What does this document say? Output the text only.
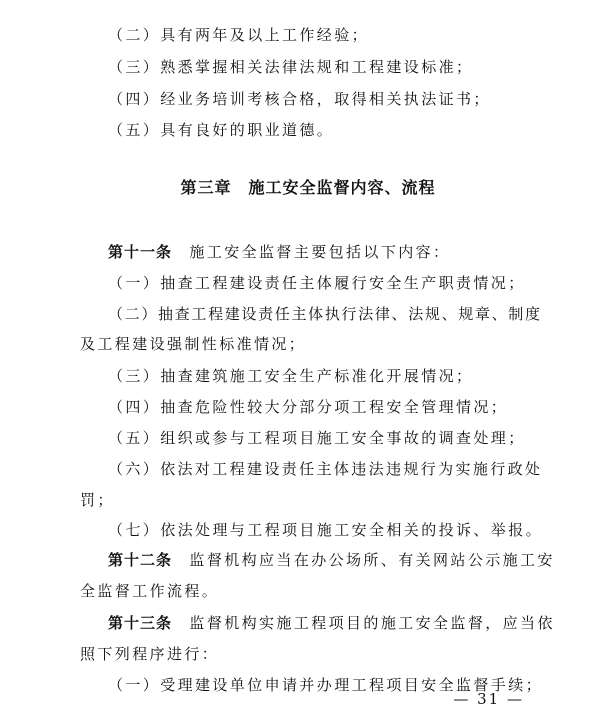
（二）具有两年及以上工作经验；
（三）熟悉掌握相关法律法规和工程建设标准；
（四）经业务培训考核合格，取得相关执法证书；
（五）具有良好的职业道德。
第三章　施工安全监督内容、流程
第十一条　施工安全监督主要包括以下内容：
（一）抽查工程建设责任主体履行安全生产职责情况；
（二）抽查工程建设责任主体执行法律、法规、规章、制度
及工程建设强制性标准情况；
（三）抽查建筑施工安全生产标准化开展情况；
（四）抽查危险性较大分部分项工程安全管理情况；
（五）组织或参与工程项目施工安全事故的调查处理；
（六）依法对工程建设责任主体违法违规行为实施行政处
罚；
（七）依法处理与工程项目施工安全相关的投诉、举报。
第十二条　监督机构应当在办公场所、有关网站公示施工安
全监督工作流程。
第十三条　监督机构实施工程项目的施工安全监督，应当依
照下列程序进行：
（一）受理建设单位申请并办理工程项目安全监督手续；
— 31 —
